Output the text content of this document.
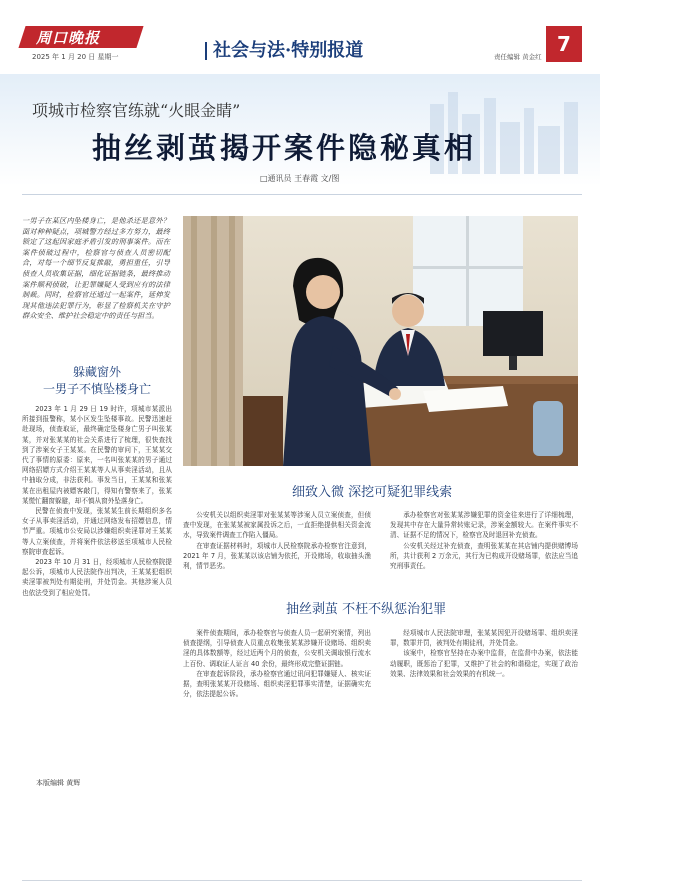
周口晚报
2025 年 1 月 20 日 星期一	社会与法·特别报道	责任编辑 黄金红
7
项城市检察官练就“火眼金睛”
抽丝剥茧揭开案件隐秘真相
□通讯员 王春霞 文/图
一男子在某区内坠楼身亡，是他杀还是意外？面对种种疑点，项城警方经过多方努力，最终锁定了这起因家庭矛盾引发的刑事案件。而在案件侦破过程中，检察官与侦查人员密切配合，对每一个细节反复推敲，勇担重任，引导侦查人员收集证据，细化证据链条，最终推动案件顺利侦破，让犯罪嫌疑人受到应有的法律制裁。同时，检察官还通过一起案件，延伸发现其他违法犯罪行为，彰显了检察机关在守护群众安全、维护社会稳定中的责任与担当。
躲藏窗外
一男子不慎坠楼身亡

2023 年 1 月 29 日 19 时许，项城市某派出所接到报警称，某小区发生坠楼事故。民警迅速赶赴现场，侦查取证，最终确定坠楼身亡男子叫张某某，并对张某某的社会关系进行了梳理，很快查找到了涉案女子王某某。在民警的审问下，王某某交代了事情的原委：原来，一名叫张某某的男子通过网络招嫖方式介绍王某某等人从事卖淫活动，且从中抽取分成，非法获利。事发当日，王某某和张某某在出租屋内被嫖客敲门，得知有警察来了，张某某慌忙翻窗躲避，却不慎从窗外坠落身亡。

民警在侦查中发现，张某某生前长期组织多名女子从事卖淫活动，并通过网络发布招嫖信息，情节严重。项城市公安局以涉嫌组织卖淫罪对王某某等人立案侦查，并将案件依法移送至项城市人民检察院审查起诉。

2023 年 10 月 31 日，经项城市人民检察院提起公诉，项城市人民法院作出判决，王某某犯组织卖淫罪被判处有期徒刑，并处罚金。其他涉案人员也依法受到了相应处罚。

本版编辑 黄辉
检察官研究案情。
细致入微 深挖可疑犯罪线索

公安机关以组织卖淫罪对张某某等涉案人员立案侦查，但侦查中发现，在张某某被家属投诉之后，一直拒绝提供相关资金流水，导致案件调查工作陷入僵局。

在审查证据材料时，项城市人民检察院承办检察官注意到，2021 年 7 月，张某某以该店铺为依托，开设赌场，收取抽头渔利，情节恶劣。

承办检察官对张某某涉嫌犯罪的资金往来进行了详细梳理，发现其中存在大量异常转账记录，涉案金额较大。在案件事实不清、证据不足的情况下，检察官及时退回补充侦查。

公安机关经过补充侦查，查明张某某在其店铺内提供赌博场所，共计获利 2 万余元，其行为已构成开设赌场罪，依法应当追究刑事责任。

抽丝剥茧 不枉不纵惩治犯罪

案件侦查期间，承办检察官与侦查人员一起研究案情，列出侦查提纲，引导侦查人员重点收集张某某涉嫌开设赌场、组织卖淫的具体数额等，经过近两个月的侦查，公安机关调取银行流水上百份、调取证人证言 40 余份，最终形成完整证据链。

在审查起诉阶段，承办检察官通过讯问犯罪嫌疑人、核实证据，查明张某某开设赌场、组织卖淫犯罪事实清楚，证据确实充分，依法提起公诉。

经项城市人民法院审理，张某某因犯开设赌场罪、组织卖淫罪，数罪并罚，被判处有期徒刑，并处罚金。

该案中，检察官坚持在办案中监督，在监督中办案，依法能动履职，既惩治了犯罪，又维护了社会的和谐稳定，实现了政治效果、法律效果和社会效果的有机统一。
